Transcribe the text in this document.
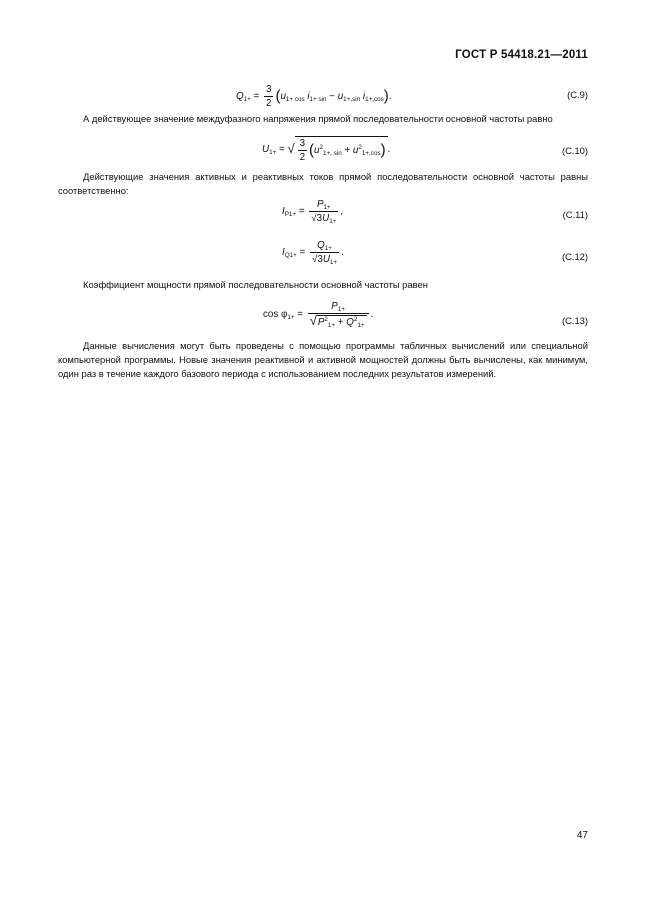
ГОСТ Р 54418.21—2011
$Q_{1+} = \frac{3}{2} (u_{1+ cos}$ $i_{1+ sin} - u_{1+,sin}$ $i_{1+,cos}$).	(С.9)
А действующее значение междуфазного напряжения прямой последовательности основной частоты равно
$U_{1+}$ = √ $\frac{3}{2} (u^2_{1+, sin} + u^2_{1+,cos})$ .	(С.10)
Действующие значения активных и реактивных токов прямой последовательности основной частоты равны соответственно:
$I_{P1+} = \frac{P_{1+}}{√3U_{1+}}$ ,	(С.11)
$I_{Q1+} = \frac{Q_{1+}}{√3U_{1+}}$ .	(С.12)
Коэффициент мощности прямой последовательности основной частоты равен
$\cos \varphi_{1+} = \frac{P_{1+}}{√P^2_{1+} + Q^2_{1+}}$ .
(С.13)
Данные вычисления могут быть проведены с помощью программы табличных вычислений или специальной компьютерной программы. Новые значения реактивной и активной мощностей должны быть вычислены, как минимум, один раз в течение каждого базового периода с использованием последних результатов измерений.
47
